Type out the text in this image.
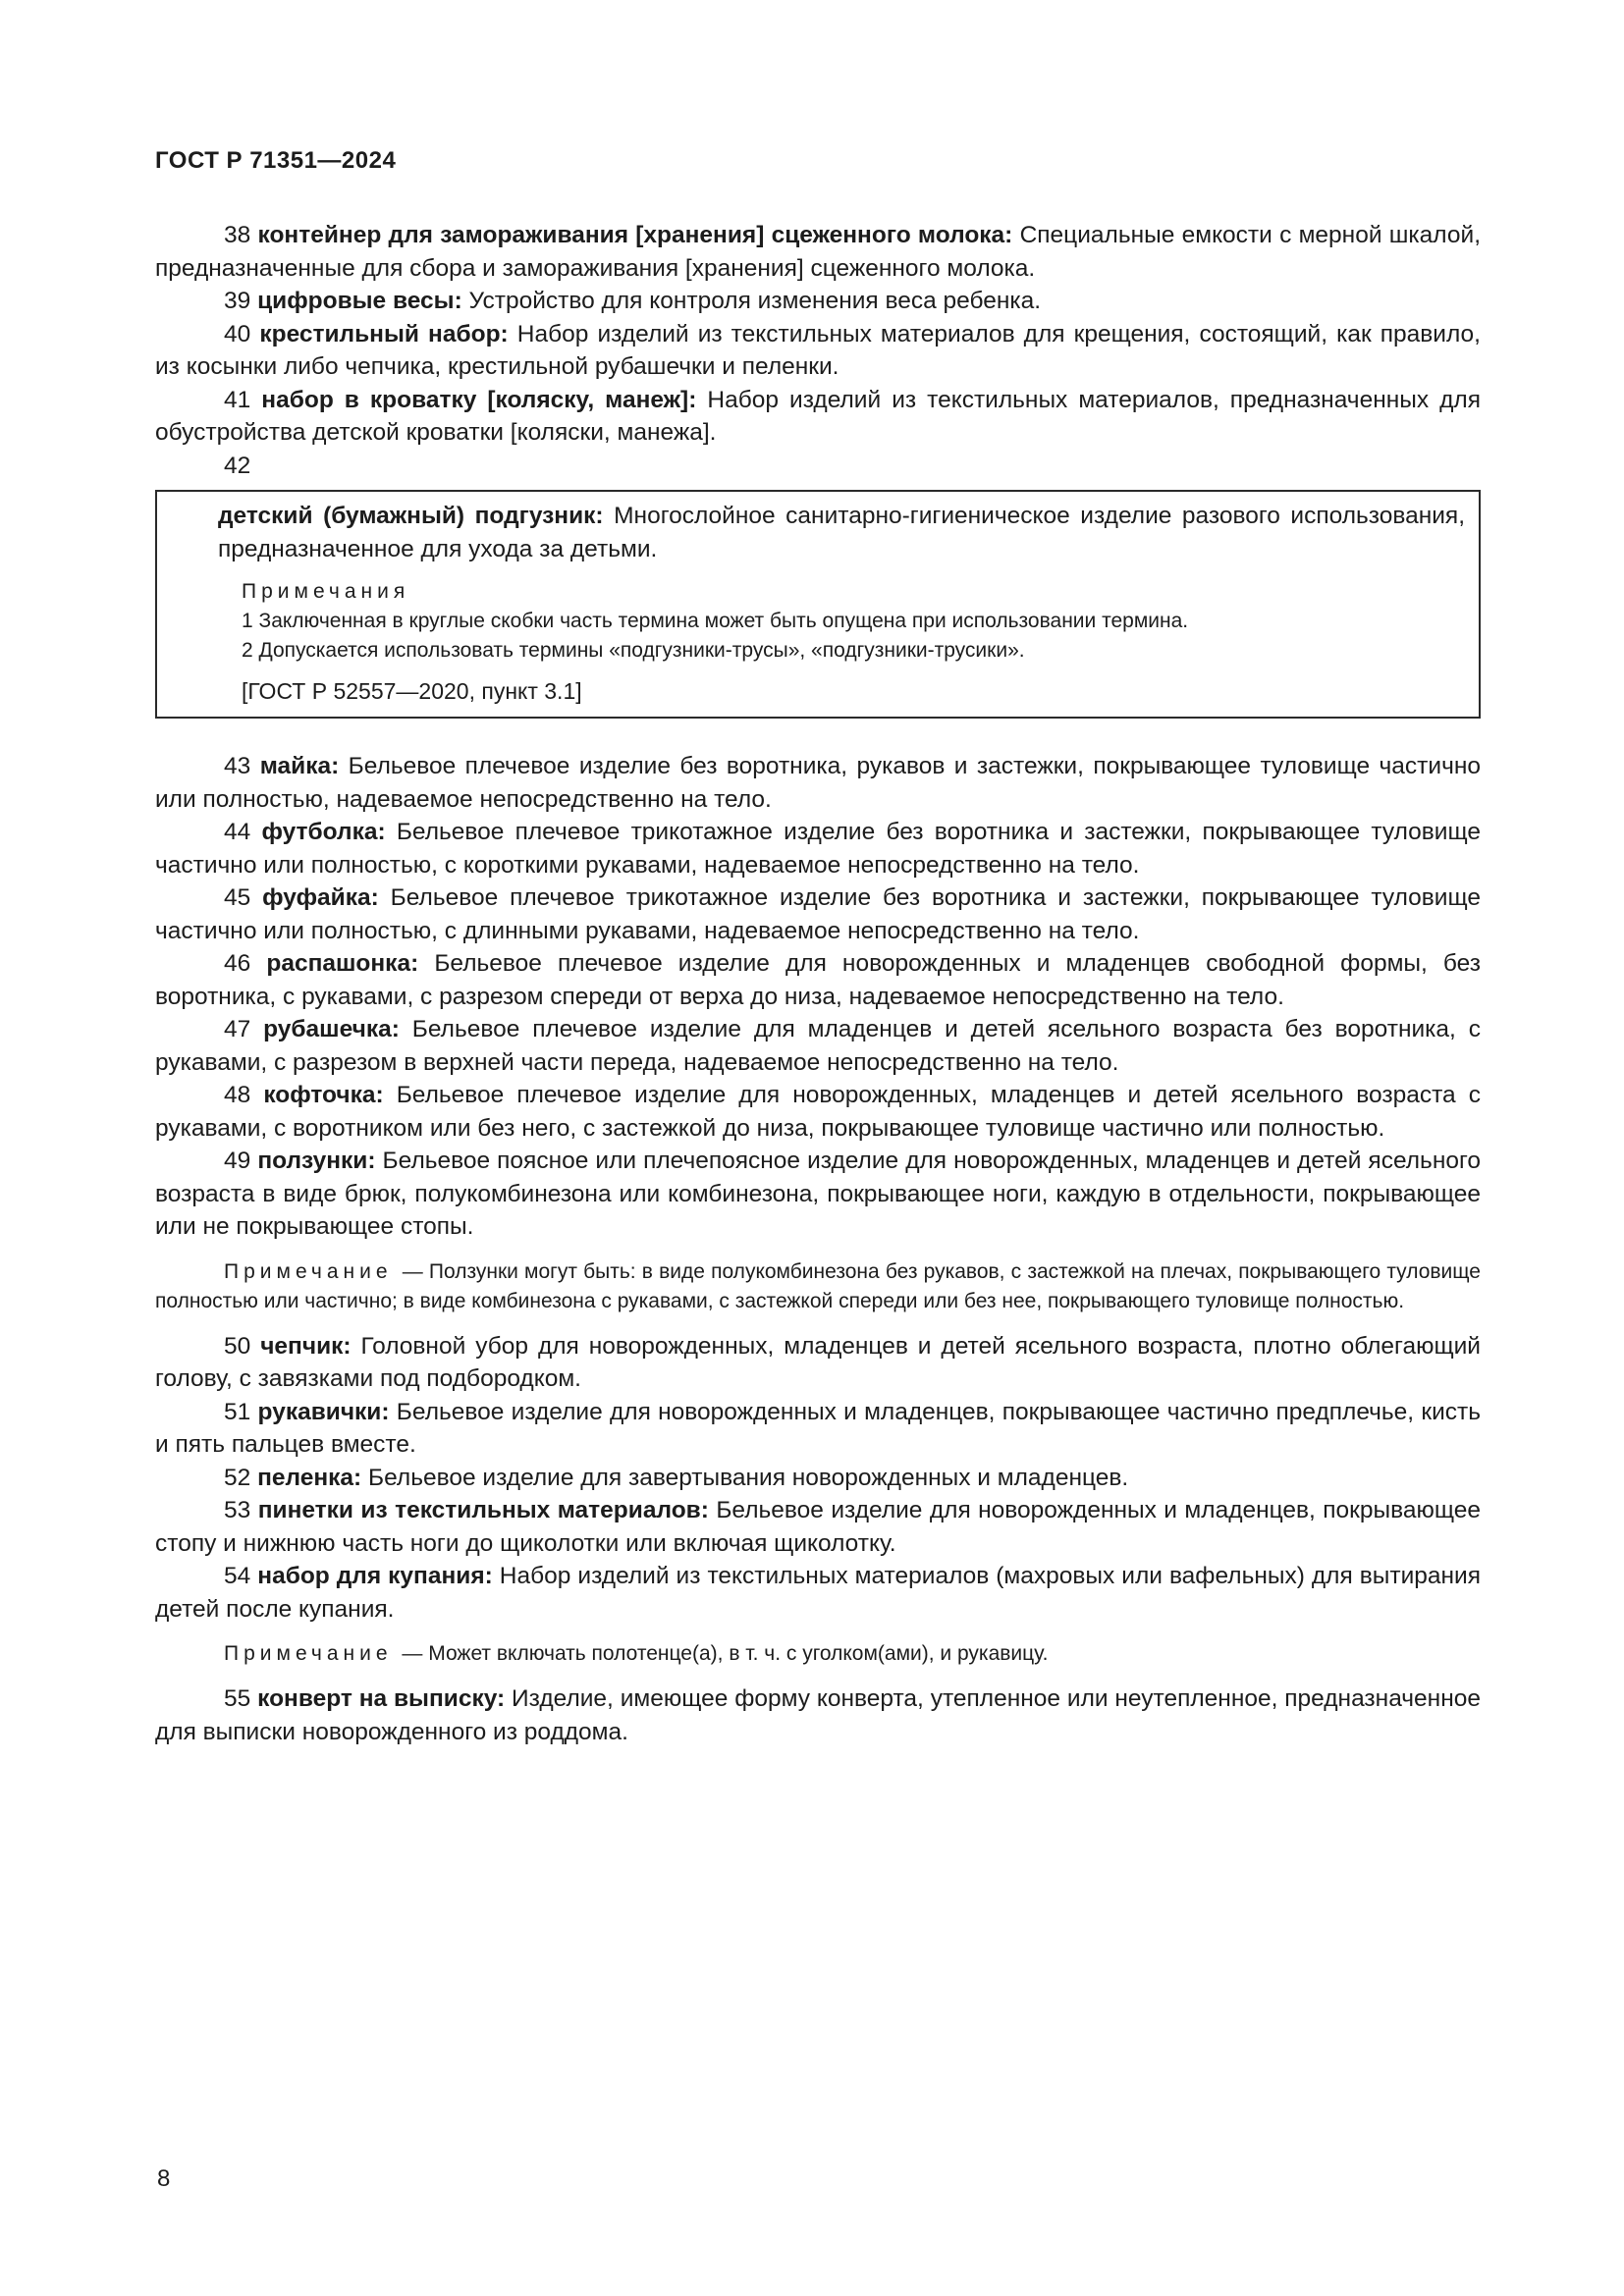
ГОСТ Р 71351—2024

38 контейнер для замораживания [хранения] сцеженного молока: Специальные емкости с мерной шкалой, предназначенные для сбора и замораживания [хранения] сцеженного молока.

39 цифровые весы: Устройство для контроля изменения веса ребенка.

40 крестильный набор: Набор изделий из текстильных материалов для крещения, состоящий, как правило, из косынки либо чепчика, крестильной рубашечки и пеленки.

41 набор в кроватку [коляску, манеж]: Набор изделий из текстильных материалов, предназначенных для обустройства детской кроватки [коляски, манежа].

42

детский (бумажный) подгузник: Многослойное санитарно-гигиеническое изделие разового использования, предназначенное для ухода за детьми.

Примечания
1 Заключенная в круглые скобки часть термина может быть опущена при использовании термина.
2 Допускается использовать термины «подгузники-трусы», «подгузники-трусики».
[ГОСТ Р 52557—2020, пункт 3.1]

43 майка: Бельевое плечевое изделие без воротника, рукавов и застежки, покрывающее туловище частично или полностью, надеваемое непосредственно на тело.

44 футболка: Бельевое плечевое трикотажное изделие без воротника и застежки, покрывающее туловище частично или полностью, с короткими рукавами, надеваемое непосредственно на тело.

45 фуфайка: Бельевое плечевое трикотажное изделие без воротника и застежки, покрывающее туловище частично или полностью, с длинными рукавами, надеваемое непосредственно на тело.

46 распашонка: Бельевое плечевое изделие для новорожденных и младенцев свободной формы, без воротника, с рукавами, с разрезом спереди от верха до низа, надеваемое непосредственно на тело.

47 рубашечка: Бельевое плечевое изделие для младенцев и детей ясельного возраста без воротника, с рукавами, с разрезом в верхней части переда, надеваемое непосредственно на тело.

48 кофточка: Бельевое плечевое изделие для новорожденных, младенцев и детей ясельного возраста с рукавами, с воротником или без него, с застежкой до низа, покрывающее туловище частично или полностью.

49 ползунки: Бельевое поясное или плечепоясное изделие для новорожденных, младенцев и детей ясельного возраста в виде брюк, полукомбинезона или комбинезона, покрывающее ноги, каждую в отдельности, покрывающее или не покрывающее стопы.

Примечание — Ползунки могут быть: в виде полукомбинезона без рукавов, с застежкой на плечах, покрывающего туловище полностью или частично; в виде комбинезона с рукавами, с застежкой спереди или без нее, покрывающего туловище полностью.

50 чепчик: Головной убор для новорожденных, младенцев и детей ясельного возраста, плотно облегающий голову, с завязками под подбородком.

51 рукавички: Бельевое изделие для новорожденных и младенцев, покрывающее частично предплечье, кисть и пять пальцев вместе.

52 пеленка: Бельевое изделие для завертывания новорожденных и младенцев.

53 пинетки из текстильных материалов: Бельевое изделие для новорожденных и младенцев, покрывающее стопу и нижнюю часть ноги до щиколотки или включая щиколотку.

54 набор для купания: Набор изделий из текстильных материалов (махровых или вафельных) для вытирания детей после купания.

Примечание — Может включать полотенце(а), в т. ч. с уголком(ами), и рукавицу.

55 конверт на выписку: Изделие, имеющее форму конверта, утепленное или неутепленное, предназначенное для выписки новорожденного из роддома.

8
